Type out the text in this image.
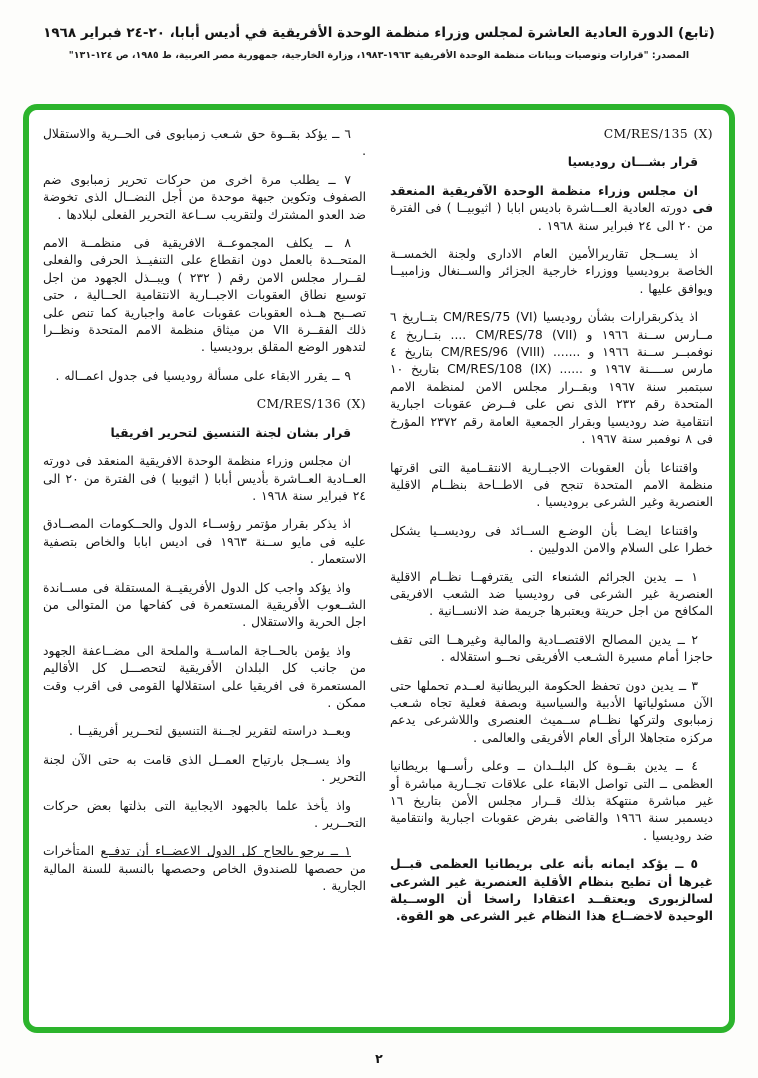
(تابع) الدورة العادية العاشرة لمجلس وزراء منظمة الوحدة الأفريقية في أديس أبابا، ٢٠-٢٤ فبراير ١٩٦٨
المصدر: "قرارات وتوصيات وبيانات منظمة الوحدة الأفريقية ١٩٦٣-١٩٨٣، وزارة الخارجية، جمهورية مصر العربية، ط ١٩٨٥، ص ١٢٤-١٣١"

CM/RES/135 (X)

قرار بشـــان روديسيا

ان مجلس وزراء منظمة الوحدة الآفريقية المنعقد فى دورته العادية العـــاشرة باديس ابابا ( اثيوبيــا ) فى الفترة من ٢٠ الى ٢٤ فبراير سنة ١٩٦٨ .

اذ يســجل تقاريرالأمين العام الادارى ولجنة الخمســة الخاصة بروديسيا ووزراء خارجية الجزائر والســنغال وزامبيــا ويوافق عليها .

اذ يذكربقرارات بشأن روديسيا CM/RES/75 (VI) بتــاريخ ٦ مــارس ســنة ١٩٦٦ و CM/RES/78 (VII) .... بتــاريخ ٤ نوفمبــر ســنة ١٩٦٦ و ....... CM/RES/96 (VIII) بتاريخ ٤ مارس ســــنة ١٩٦٧ و ...... CM/RES/108 (IX) بتاريخ ١٠ سبتمبر سنة ١٩٦٧ وبقــرار مجلس الامن لمنظمة الامم المتحدة رقم ٢٣٢ الذى نص على فــرض عقوبات اجبارية انتقامية ضد روديسيا وبقرار الجمعية العامة رقم ٢٣٧٢ المؤرخ فى ٨ نوفمبر سنة ١٩٦٧ .

واقتناعا بأن العقوبات الاجبــارية الانتقــامية التى اقرتها منظمة الامم المتحدة تنجح فى الاطــاحة بنظــام الاقلية العنصرية وغير الشرعى بروديسيا .

واقتناعا ايضـا بأن الوضـع الســائد فى روديســيا يشكل خطرا على السلام والامن الدوليين .

١ ــ يدين الجرائم الشنعاء التى يقترفهــا نظــام الاقلية العنصرية غير الشرعى فى روديسيا ضد الشعب الافريقى المكافح من اجل حريتة ويعتبرها جريمة ضد الانســانية .

٢ ــ يدين المصالح الاقتصــادية والمالية وغيرهــا التى تقف حاجزا أمام مسيرة الشـعب الأفريقى نحــو استقلاله .

٣ ــ يدين دون تحفظ الحكومة البريطانية لعــدم تحملها حتى الآن مسئولياتها الأدبية والسياسية وبصفة فعلية تجاه شـعب زمبابوى ولتركها نظــام ســميث العنصرى واللاشرعى يدعم مركزه متجاهلا الرأى العام الأفريقى والعالمى .

٤ ــ يدين بقــوة كل البلــدان ــ وعلى رأســها بريطانيا العظمى ــ التى تواصل الابقاء على علاقات تجــارية مباشرة أو غير مباشرة منتهكة بذلك قــرار مجلس الأمن بتاريخ ١٦ ديسمبر سنة ١٩٦٦ والقاضى بفرض عقوبات اجبارية وانتقامية ضد روديسيا .

٥ ــ يؤكد ايمانه بأنه على بريطانيا العظمى قبــل غيرها أن تطيح بنظام الأقلية العنصرية غير الشرعى لسالزبورى ويعتقــد اعتقادا راسخا أن الوســيلة الوحيدة لاخضــاع هذا النظام غير الشرعى هو القوة.

٦ ــ يؤكد بقــوة حق شـعب زمبابوى فى الحــرية والاستقلال .

٧ ــ يطلب مرة اخرى من حركات تحرير زمبابوى ضم الصفوف وتكوين جبهة موحدة من أجل النضــال الذى تخوضة ضد العدو المشترك ولتقريب ســاعة التحرير الفعلى لبلادها .

٨ ــ يكلف المجموعــة الافريقية فى منظمــة الامم المتحــدة بالعمل دون انقطاع على التنفيــذ الحرفى والفعلى لقــرار مجلس الامن رقم ( ٢٣٢ ) ويبــذل الجهود من اجل توسيع نطاق العقوبات الاجبــارية الانتقامية الحــالية ، حتى تصــبح هــذه العقوبات عقوبات عامة واجبارية كما تنص على ذلك الفقــرة VII من ميثاق منظمة الامم المتحدة ونظــرا لتدهور الوضع المقلق بروديسيا .

٩ ــ يقرر الابقاء على مسألة روديسيا فى جدول اعمــاله .

CM/RES/136 (X)

قرار بشان لجنة التنسيق لتحرير افريقيا

ان مجلس وزراء منظمة الوحدة الافريقية المنعقد فى دورته العــادية العــاشرة بأديس أبابا ( اثيوبيا ) فى الفترة من ٢٠ الى ٢٤ فبراير سنة ١٩٦٨ .

اذ يذكر بقرار مؤتمر رؤســاء الدول والحــكومات المصــادق عليه فى مايو ســنة ١٩٦٣ فى اديس ابابا والخاص بتصفية الاستعمار .

واذ يؤكد واجب كل الدول الأفريقيــة المستقلة فى مســاندة الشــعوب الأفريقية المستعمرة فى كفاحها من المتوالى من اجل الحرية والاستقلال .

واذ يؤمن بالحــاجة الماســة والملحة الى مضــاعفة الجهود من جانب كل البلدان الأفريقية لتحصـــل كل الأقاليم المستعمرة فى افريقيا على استقلالها القومى فى اقرب وقت ممكن .

وبعــد دراسته لتقرير لجــنة التنسيق لتحــرير أفريقيــا .

واذ يســجل بارتياح العمــل الذى قامت به حتى الآن لجنة التحرير .

واذ يأخذ علما بالجهود الايجابية التى بذلتها بعض حركات التحــرير .

١ ــ يرجو بالحاح كل الدول الاعضــاء أن تدفــع المتأخرات من حصصها للصندوق الخاص وحصصها بالنسبة للسنة المالية الجارية .

٢
